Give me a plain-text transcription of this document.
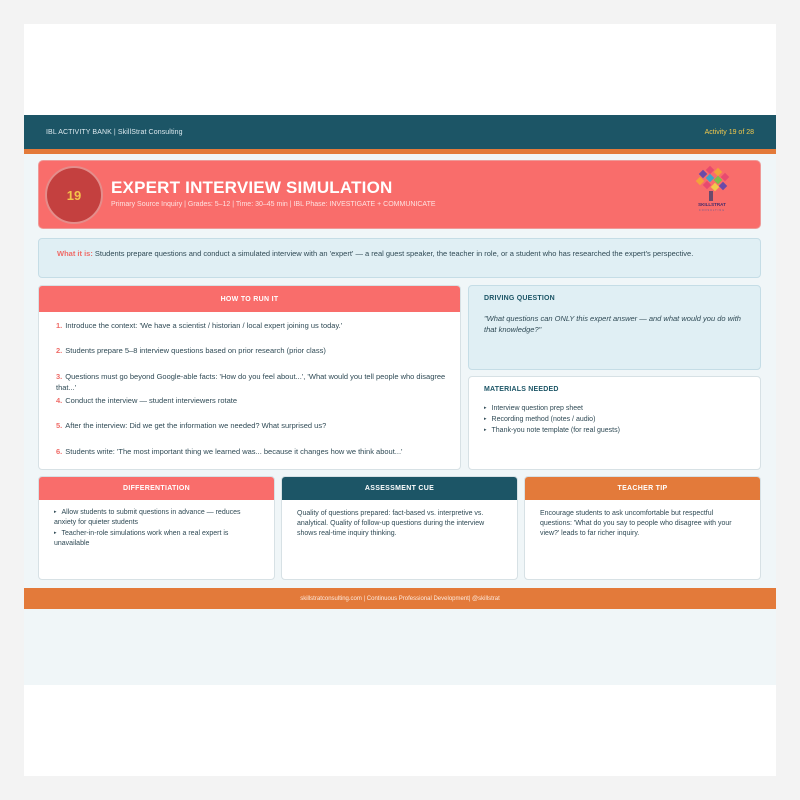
IBL ACTIVITY BANK | SkillStrat Consulting	Activity 19 of 28
19	EXPERT INTERVIEW SIMULATION
Primary Source Inquiry | Grades: 5–12 | Time: 30–45 min | IBL Phase: INVESTIGATE + COMMUNICATE	SKILLSTRAT
CONSULTING
What it is: Students prepare questions and conduct a simulated interview with an 'expert' — a real guest speaker, the teacher in role, or a student who has researched the expert's perspective.
HOW TO RUN IT
1. Introduce the context: 'We have a scientist / historian / local expert joining us today.'
2. Students prepare 5–8 interview questions based on prior research (prior class)
3. Questions must go beyond Google-able facts: 'How do you feel about...', 'What would you tell people who disagree that...'
4. Conduct the interview — student interviewers rotate
5. After the interview: Did we get the information we needed? What surprised us?
6. Students write: 'The most important thing we learned was... because it changes how we think about...'
DRIVING QUESTION
"What questions can ONLY this expert answer — and what would you do with that knowledge?"
MATERIALS NEEDED
▸ Interview question prep sheet
▸ Recording method (notes / audio)
▸ Thank-you note template (for real guests)
DIFFERENTIATION
▸ Allow students to submit questions in advance — reduces anxiety for quieter students
▸ Teacher-in-role simulations work when a real expert is unavailable
ASSESSMENT CUE
Quality of questions prepared: fact-based vs. interpretive vs. analytical. Quality of follow-up questions during the interview shows real-time inquiry thinking.
TEACHER TIP
Encourage students to ask uncomfortable but respectful questions: 'What do you say to people who disagree with your view?' leads to far richer inquiry.
skillstratconsulting.com | Continuous Professional Development| @skillstrat
